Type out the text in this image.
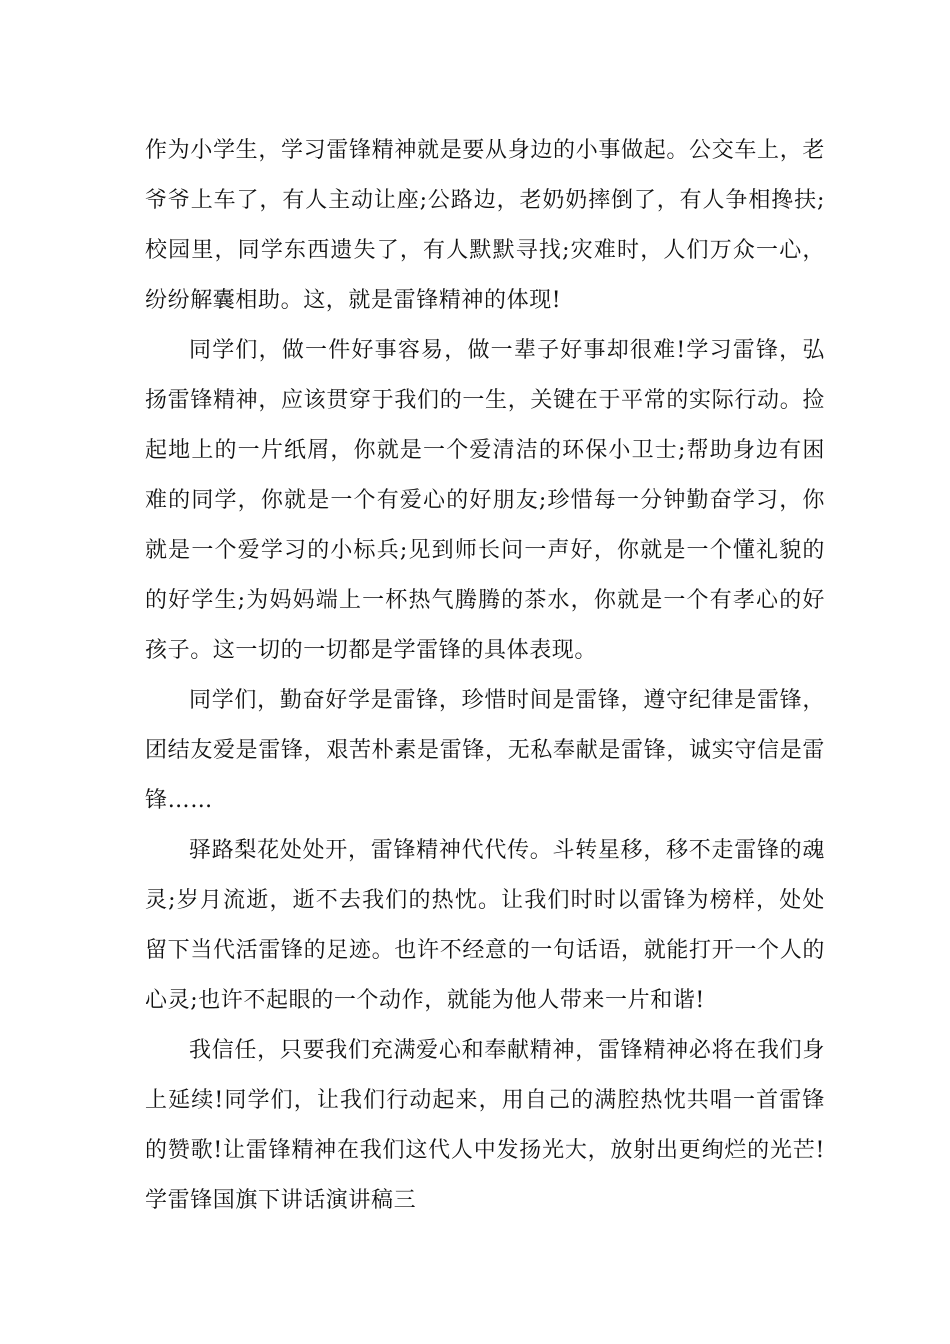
作为小学生，学习雷锋精神就是要从身边的小事做起。公交车上，老爷爷上车了，有人主动让座;公路边，老奶奶摔倒了，有人争相搀扶;校园里，同学东西遗失了，有人默默寻找;灾难时，人们万众一心，纷纷解囊相助。这，就是雷锋精神的体现!

同学们，做一件好事容易，做一辈子好事却很难!学习雷锋，弘扬雷锋精神，应该贯穿于我们的一生，关键在于平常的实际行动。捡起地上的一片纸屑，你就是一个爱清洁的环保小卫士;帮助身边有困难的同学，你就是一个有爱心的好朋友;珍惜每一分钟勤奋学习，你就是一个爱学习的小标兵;见到师长问一声好，你就是一个懂礼貌的的好学生;为妈妈端上一杯热气腾腾的茶水，你就是一个有孝心的好孩子。这一切的一切都是学雷锋的具体表现。

同学们，勤奋好学是雷锋，珍惜时间是雷锋，遵守纪律是雷锋，团结友爱是雷锋，艰苦朴素是雷锋，无私奉献是雷锋，诚实守信是雷锋……

驿路梨花处处开，雷锋精神代代传。斗转星移，移不走雷锋的魂灵;岁月流逝，逝不去我们的热忱。让我们时时以雷锋为榜样，处处留下当代活雷锋的足迹。也许不经意的一句话语，就能打开一个人的心灵;也许不起眼的一个动作，就能为他人带来一片和谐!

我信任，只要我们充满爱心和奉献精神，雷锋精神必将在我们身上延续!同学们，让我们行动起来，用自己的满腔热忱共唱一首雷锋的赞歌!让雷锋精神在我们这代人中发扬光大，放射出更绚烂的光芒!学雷锋国旗下讲话演讲稿三
